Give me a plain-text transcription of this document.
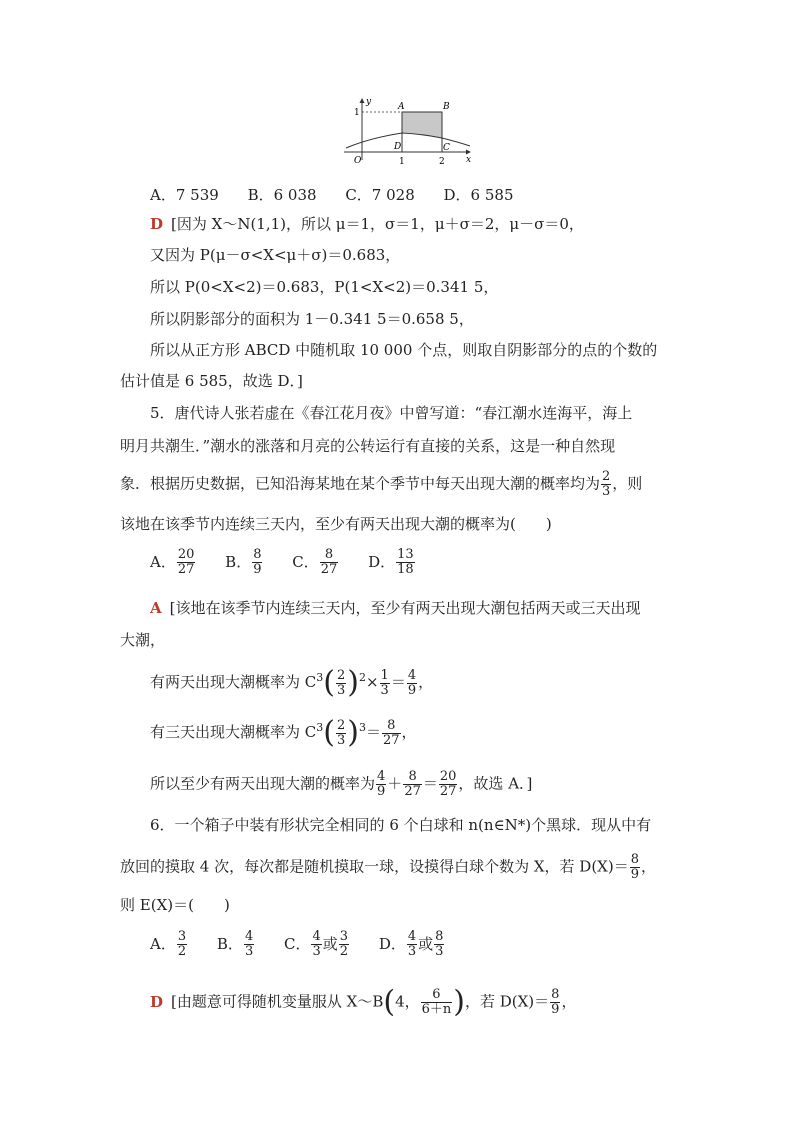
y
x
O	1	2
1
A	B
D	C
A．7 539 B．6 038 C．7 028 D．6 585
D [因为 X～N(1,1)，所以 μ＝1，σ＝1，μ＋σ＝2，μ－σ＝0，
又因为 P(μ－σ<X<μ＋σ)＝0.683，
所以 P(0<X<2)＝0.683，P(1<X<2)＝0.341 5，
所以阴影部分的面积为 1－0.341 5＝0.658 5，
所以从正方形 ABCD 中随机取 10 000 个点，则取自阴影部分的点的个数的
估计值是 6 585，故选 D．]
5．唐代诗人张若虚在《春江花月夜》中曾写道：“春江潮水连海平，海上
明月共潮生．”潮水的涨落和月亮的公转运行有直接的关系，这是一种自然现
象．根据历史数据，已知沿海某地在某个季节中每天出现大潮的概率均为 $\frac{2}{3}$ ，则
该地在该季节内连续三天内，至少有两天出现大潮的概率为(　　)
A． $\frac{20}{27}$ B． $\frac{8}{9}$ C． $\frac{8}{27}$ D． $\frac{13}{18}$
A [该地在该季节内连续三天内，至少有两天出现大潮包括两天或三天出现
大潮，
有两天出现大潮概率为 $C^3( \frac{2}{3} )^2\times \frac{1}{3} = \frac{4}{9}$ ，
有三天出现大潮概率为 $C^3( \frac{2}{3} )^3= \frac{8}{27}$ ，
所以至少有两天出现大潮的概率为 $\frac{4}{9} + \frac{8}{27} = \frac{20}{27}$ ，故选 A．]
6．一个箱子中装有形状完全相同的 6 个白球和 n(n∈N*)个黑球．现从中有
放回的摸取 4 次，每次都是随机摸取一球，设摸得白球个数为 X，若 $D(X)= \frac{8}{9}$ ，
则 E(X)＝(　　)
A． $\frac{3}{2}$ B． $\frac{4}{3}$ C． $\frac{4}{3}$ 或 $\frac{3}{2}$ D． $\frac{4}{3}$ 或 $\frac{8}{3}$
D [由题意可得随机变量服从 X～B(4， $\frac{6}{6+n}$ )，若 $D(X)= \frac{8}{9}$ ，
